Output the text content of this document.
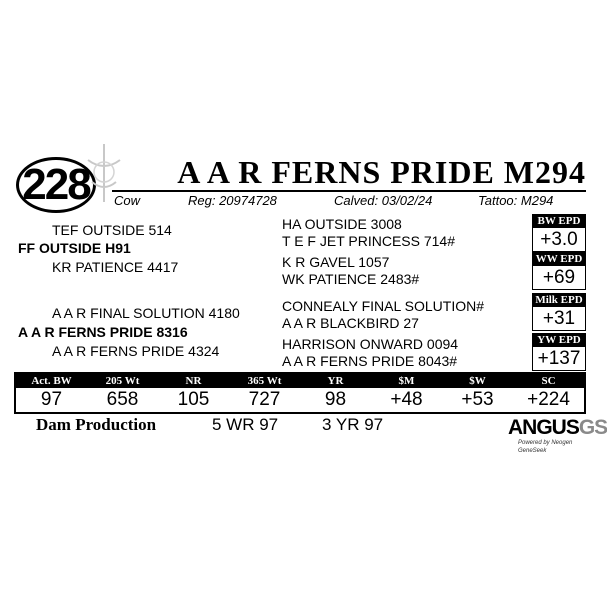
228	A A R FERNS PRIDE M294
Cow	Reg: 20974728	Calved: 03/02/24	Tattoo: M294
TEF OUTSIDE 514
FF OUTSIDE H91
KR PATIENCE 4417
A A R FINAL SOLUTION 4180
A A R FERNS PRIDE 8316
A A R FERNS PRIDE 4324
HA OUTSIDE 3008
T E F JET PRINCESS 714#
K R GAVEL 1057
WK PATIENCE 2483#
CONNEALY FINAL SOLUTION#
A A R BLACKBIRD 27
HARRISON ONWARD 0094
A A R FERNS PRIDE 8043#
BW EPD
+3.0
WW EPD
+69
Milk EPD
+31
YW EPD
+137
Act. BW	205 Wt	NR	365 Wt	YR	$M	$W	SC
97	658	105	727	98	+48	+53	+224
Dam Production	5 WR 97	3 YR 97	ANGUSGS
Powered by Neogen GeneSeek
